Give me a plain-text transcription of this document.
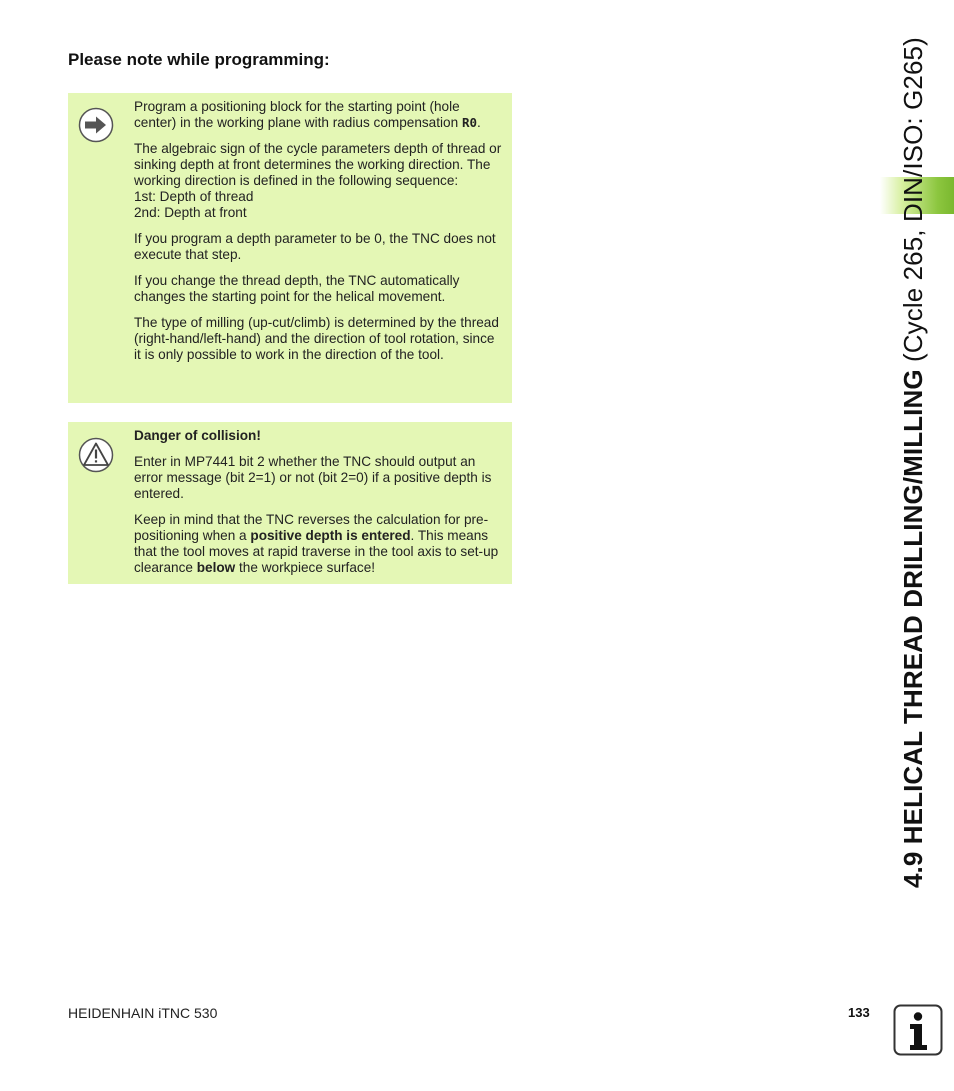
Please note while programming:

Program a positioning block for the starting point (hole center) in the working plane with radius compensation R0.

The algebraic sign of the cycle parameters depth of thread or sinking depth at front determines the working direction. The working direction is defined in the following sequence:
1st: Depth of thread
2nd: Depth at front

If you program a depth parameter to be 0, the TNC does not execute that step.

If you change the thread depth, the TNC automatically changes the starting point for the helical movement.

The type of milling (up-cut/climb) is determined by the thread (right-hand/left-hand) and the direction of tool rotation, since it is only possible to work in the direction of the tool.

Danger of collision!

Enter in MP7441 bit 2 whether the TNC should output an error message (bit 2=1) or not (bit 2=0) if a positive depth is entered.

Keep in mind that the TNC reverses the calculation for pre-positioning when a positive depth is entered. This means that the tool moves at rapid traverse in the tool axis to set-up clearance below the workpiece surface!	4.9 HELICAL THREAD DRILLING/MILLING (Cycle 265, DIN/ISO: G265)
HEIDENHAIN iTNC 530	133
